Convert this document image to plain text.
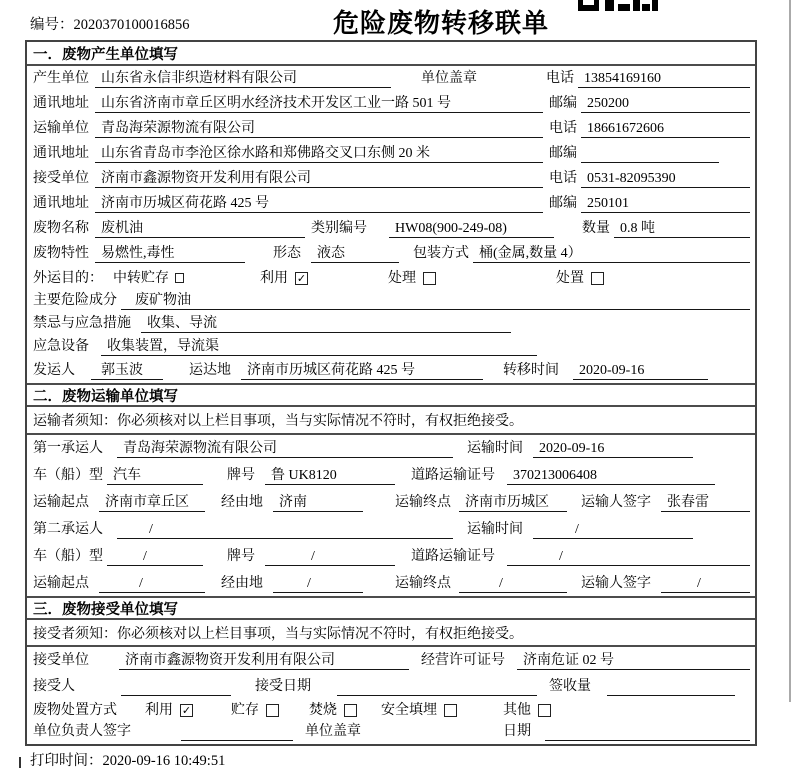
编号：2020370100016856	危险废物转移联单
一．废物产生单位填写
产生单位 山东省永信非织造材料有限公司	单位盖章	电话 13854169160
通讯地址 山东省济南市章丘区明水经济技术开发区工业一路 501 号	邮编 250200
运输单位 青岛海荣源物流有限公司	电话 18661672606
通讯地址 山东省青岛市李沧区徐水路和郑佛路交叉口东侧 20 米	邮编
接受单位 济南市鑫源物资开发利用有限公司	电话 0531-82095390
通讯地址 济南市历城区荷花路 425 号	邮编 250101
废物名称 废机油	类别编号	HW08(900-249-08)	数量 0.8 吨
废物特性 易燃性,毒性	形态	液态	包装方式 桶(金属,数量 4）
外运目的： 中转贮存	利用 ✓	处理	处置
主要危险成分	废矿物油
禁忌与应急措施	收集、导流
应急设备	收集装置，导流渠
发运人	郭玉波	运达地	济南市历城区荷花路 425 号	转移时间	2020-09-16
二．废物运输单位填写
运输者须知：你必须核对以上栏目事项，当与实际情况不符时，有权拒绝接受。
第一承运人	青岛海荣源物流有限公司	运输时间	2020-09-16
车（船）型 汽车	牌号	鲁 UK8120	道路运输证号	370213006408
运输起点	济南市章丘区	经由地	济南	运输终点	济南市历城区	运输人签字	张春雷
第二承运人	/	运输时间	/
车（船）型	/	牌号	/	道路运输证号	/
运输起点	/	经由地	/	运输终点	/	运输人签字	/
三．废物接受单位填写
接受者须知：你必须核对以上栏目事项，当与实际情况不符时，有权拒绝接受。
接受单位	济南市鑫源物资开发利用有限公司	经营许可证号	济南危证 02 号
接受人	接受日期	签收量
废物处置方式 利用 ✓	贮存	焚烧	安全填埋	其他
单位负责人签字	单位盖章	日期
打印时间：2020-09-16 10:49:51
